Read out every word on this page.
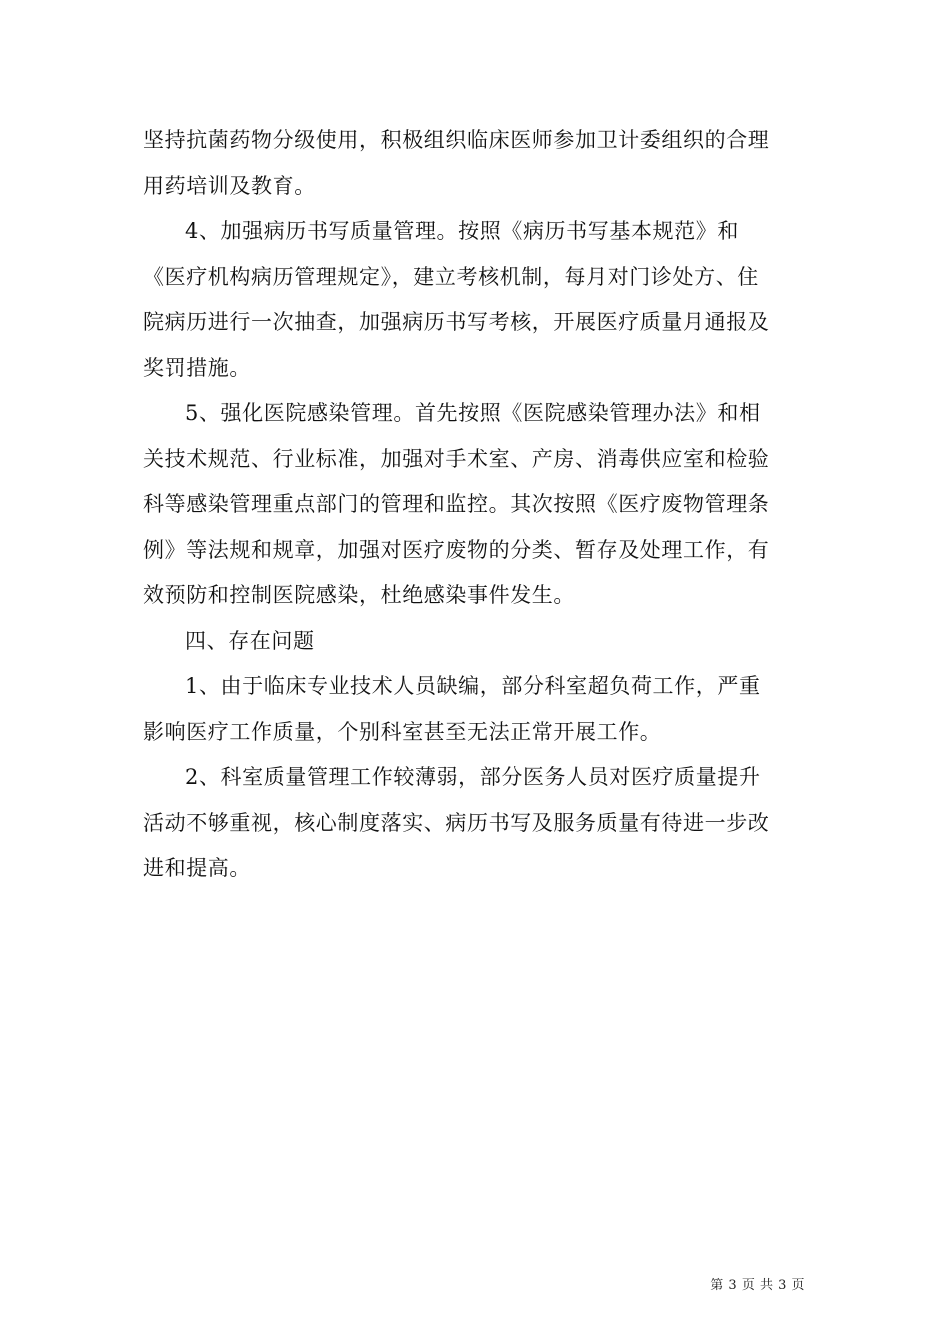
坚持抗菌药物分级使用，积极组织临床医师参加卫计委组织的合理
用药培训及教育。

4、加强病历书写质量管理。按照《病历书写基本规范》和
《医疗机构病历管理规定》，建立考核机制，每月对门诊处方、住
院病历进行一次抽查，加强病历书写考核，开展医疗质量月通报及
奖罚措施。

5、强化医院感染管理。首先按照《医院感染管理办法》和相
关技术规范、行业标准，加强对手术室、产房、消毒供应室和检验
科等感染管理重点部门的管理和监控。其次按照《医疗废物管理条
例》等法规和规章，加强对医疗废物的分类、暂存及处理工作，有
效预防和控制医院感染，杜绝感染事件发生。

四、存在问题

1、由于临床专业技术人员缺编，部分科室超负荷工作，严重
影响医疗工作质量，个别科室甚至无法正常开展工作。

2、科室质量管理工作较薄弱，部分医务人员对医疗质量提升
活动不够重视，核心制度落实、病历书写及服务质量有待进一步改
进和提高。

第 3 页 共 3 页
